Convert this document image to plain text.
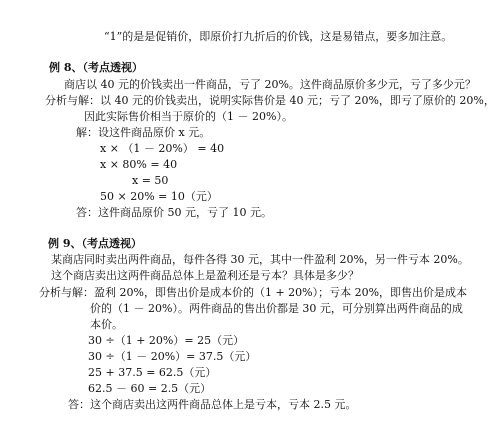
“1”的是是促销价，即原价打九折后的价钱，这是易错点，要多加注意。
例 8、（考点透视）
商店以 40 元的价钱卖出一件商品，亏了 20%。这件商品原价多少元，亏了多少元？
分析与解：以 40 元的价钱卖出，说明实际售价是 40 元；亏了 20%，即亏了原价的 20%，
因此实际售价相当于原价的（1 － 20%）。
解：设这件商品原价 x 元。
x × （1 － 20%） = 40
x × 80% = 40
x = 50
50 × 20% = 10（元）
答：这件商品原价 50 元，亏了 10 元。
例 9、（考点透视）
某商店同时卖出两件商品，每件各得 30 元，其中一件盈利 20%，另一件亏本 20%。
这个商店卖出这两件商品总体上是盈利还是亏本？具体是多少？
分析与解：盈利 20%，即售出价是成本价的（1 + 20%）；亏本 20%，即售出价是成本
价的（1 － 20%）。两件商品的售出价都是 30 元，可分别算出两件商品的成
本价。
30 ÷（1 + 20%）= 25（元）
30 ÷（1 － 20%）= 37.5（元）
25 + 37.5 = 62.5（元）
62.5 － 60 = 2.5（元）
答：这个商店卖出这两件商品总体上是亏本，亏本 2.5 元。
